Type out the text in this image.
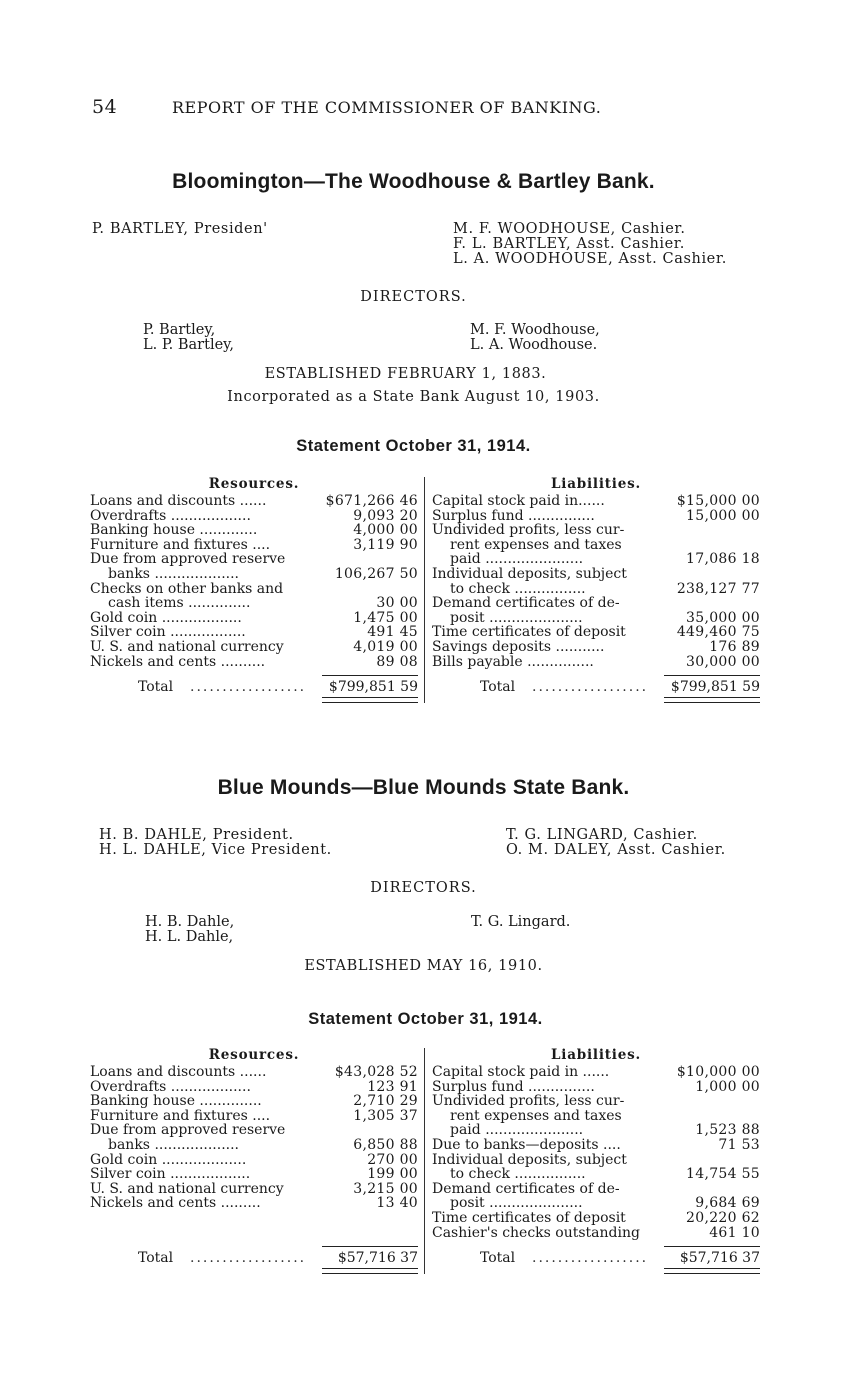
54	REPORT OF THE COMMISSIONER OF BANKING.
Bloomington—The Woodhouse & Bartley Bank.
P. BARTLEY, Presiden'	M. F. WOODHOUSE, Cashier.
F. L. BARTLEY, Asst. Cashier.
L. A. WOODHOUSE, Asst. Cashier.
DIRECTORS.
P. Bartley,
L. P. Bartley,
M. F. Woodhouse,
L. A. Woodhouse.
ESTABLISHED FEBRUARY 1, 1883.
Incorporated as a State Bank August 10, 1903.
Statement October 31, 1914.
Resources.
Loans and discounts ......	$671,266 46
Overdrafts ..................	9,093 20
Banking house .............	4,000 00
Furniture and fixtures ....	3,119 90
Due from approved reserve
banks ...................	106,267 50
Checks on other banks and
cash items ..............	30 00
Gold coin ..................	1,475 00
Silver coin .................	491 45
U. S. and national currency	4,019 00
Nickels and cents ..........	89 08
Total ..................	$799,851 59
Liabilities.
Capital stock paid in......	$15,000 00
Surplus fund ...............	15,000 00
Undivided profits, less cur-
rent expenses and taxes
paid ......................	17,086 18
Individual deposits, subject
to check ................	238,127 77
Demand certificates of de-
posit .....................	35,000 00
Time certificates of deposit	449,460 75
Savings deposits ...........	176 89
Bills payable ...............	30,000 00
Total ..................	$799,851 59
Blue Mounds—Blue Mounds State Bank.
H. B. DAHLE, President.
H. L. DAHLE, Vice President.
T. G. LINGARD, Cashier.
O. M. DALEY, Asst. Cashier.
DIRECTORS.
H. B. Dahle,
H. L. Dahle,
T. G. Lingard.
ESTABLISHED MAY 16, 1910.
Statement October 31, 1914.
Resources.
Loans and discounts ......	$43,028 52
Overdrafts ..................	123 91
Banking house ..............	2,710 29
Furniture and fixtures ....	1,305 37
Due from approved reserve
banks ...................	6,850 88
Gold coin ...................	270 00
Silver coin ..................	199 00
U. S. and national currency	3,215 00
Nickels and cents .........	13 40
Total ..................	$57,716 37
Liabilities.
Capital stock paid in ......	$10,000 00
Surplus fund ...............	1,000 00
Undivided profits, less cur-
rent expenses and taxes
paid ......................	1,523 88
Due to banks—deposits ....	71 53
Individual deposits, subject
to check ................	14,754 55
Demand certificates of de-
posit .....................	9,684 69
Time certificates of deposit	20,220 62
Cashier's checks outstanding	461 10
Total ..................	$57,716 37
